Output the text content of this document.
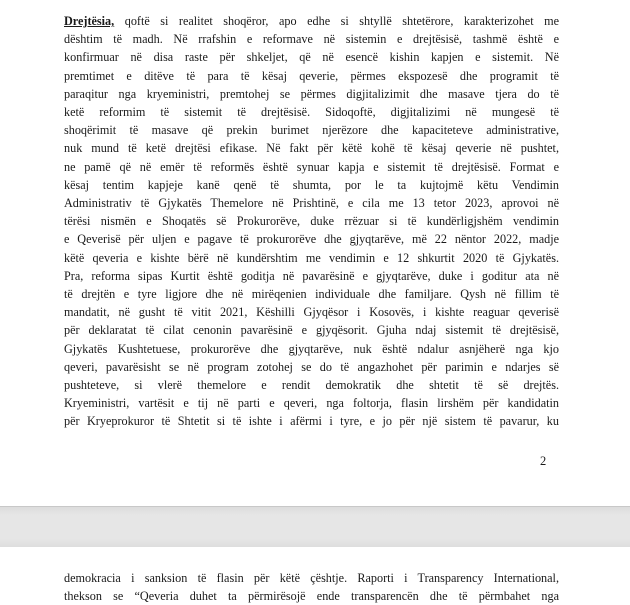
Drejtësia, qoftë si realitet shoqëror, apo edhe si shtyllë shtetërore, karakterizohet me
dështim të madh. Në rrafshin e reformave në sistemin e drejtësisë, tashmë është e
konfirmuar në disa raste për shkeljet, që në esencë kishin kapjen e sistemit. Në
premtimet e ditëve të para të kësaj qeverie, përmes ekspozesë dhe programit të
paraqitur nga kryeministri, premtohej se përmes digjitalizimit dhe masave tjera do të
ketë reformim të sistemit të drejtësisë. Sidoqoftë, digjitalizimi në mungesë të
shoqërimit të masave që prekin burimet njerëzore dhe kapaciteteve administrative,
nuk mund të ketë drejtësi efikase. Në fakt për këtë kohë të kësaj qeverie në pushtet,
ne pamë që në emër të reformës është synuar kapja e sistemit të drejtësisë. Format e
kësaj tentim kapjeje kanë qenë të shumta, por le ta kujtojmë këtu Vendimin
Administrativ të Gjykatës Themelore në Prishtinë, e cila me 13 tetor 2023, aprovoi në
tërësi nismën e Shoqatës së Prokurorëve, duke rrëzuar si të kundërligjshëm vendimin
e Qeverisë për uljen e pagave të prokurorëve dhe gjyqtarëve, më 22 nëntor 2022, madje
këtë qeveria e kishte bërë në kundërshtim me vendimin e 12 shkurtit 2020 të Gjykatës.
Pra, reforma sipas Kurtit është goditja në pavarësinë e gjyqtarëve, duke i goditur ata në
të drejtën e tyre ligjore dhe në mirëqenien individuale dhe familjare. Qysh në fillim të
mandatit, në gusht të vitit 2021, Këshilli Gjyqësor i Kosovës, i kishte reaguar qeverisë
për deklaratat të cilat cenonin pavarësinë e gjyqësorit. Gjuha ndaj sistemit të drejtësisë,
Gjykatës Kushtetuese, prokurorëve dhe gjyqtarëve, nuk është ndalur asnjëherë nga kjo
qeveri, pavarësisht se në program zotohej se do të angazhohet për parimin e ndarjes së
pushteteve, si vlerë themelore e rendit demokratik dhe shtetit të së drejtës.
Kryeministri, vartësit e tij në parti e qeveri, nga foltorja, flasin lirshëm për kandidatin
për Kryeprokuror të Shtetit si të ishte i afërmi i tyre, e jo për një sistem të pavarur, ku
2
demokracia i sanksion të flasin për këtë çështje. Raporti i Transparency International,
thekson se “Qeveria duhet ta përmirësojë ende transparencën dhe të përmbahet nga
